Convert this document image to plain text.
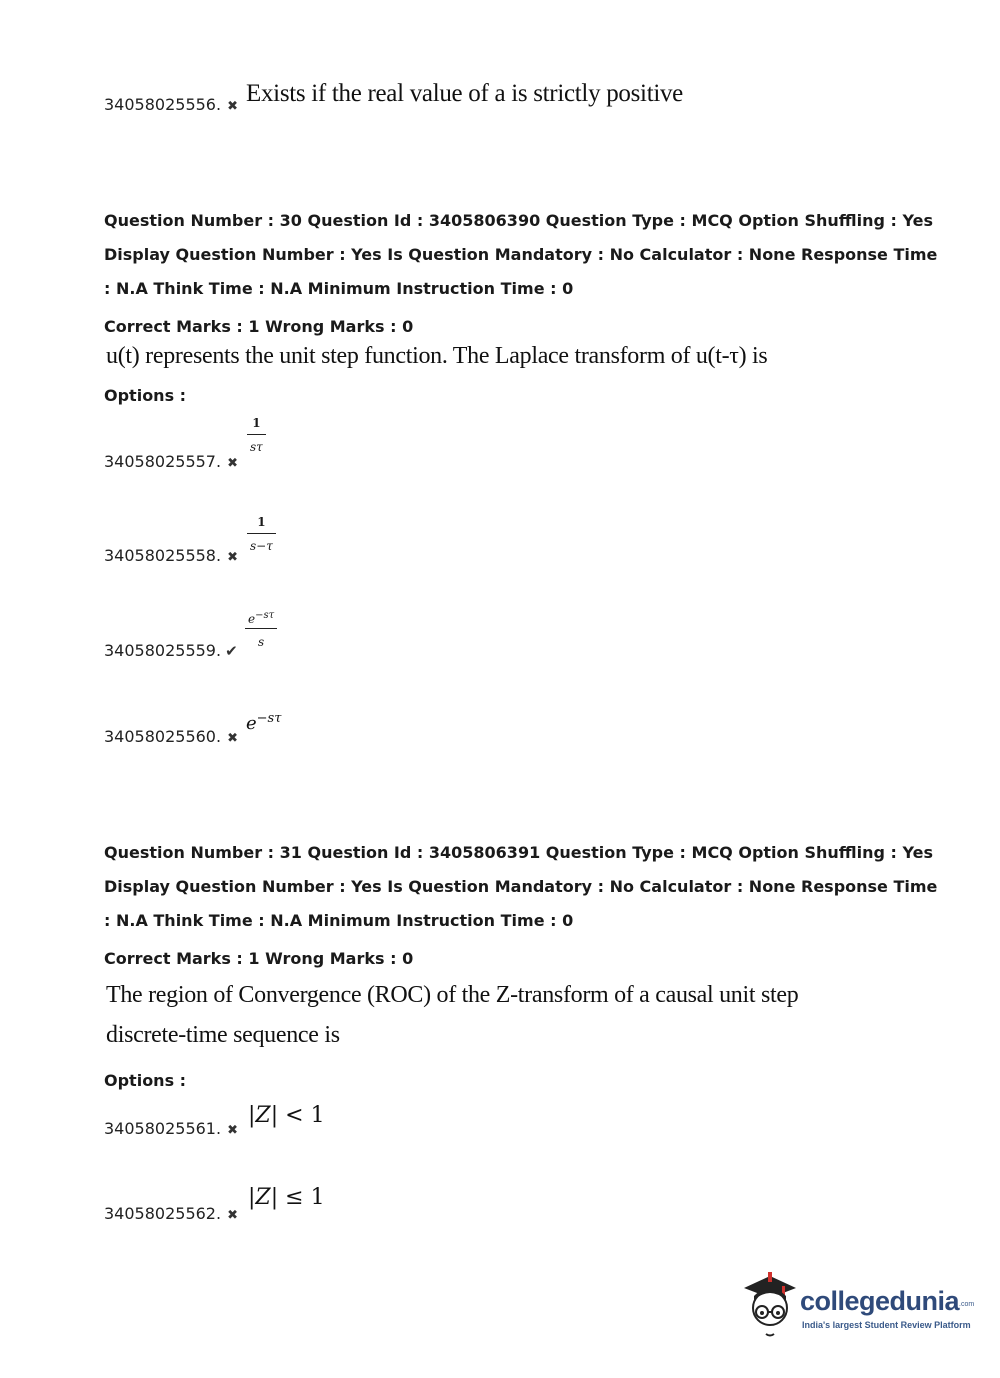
34058025556. ✖ Exists if the real value of a is strictly positive
Question Number : 30 Question Id : 3405806390 Question Type : MCQ Option Shuffling : Yes
Display Question Number : Yes Is Question Mandatory : No Calculator : None Response Time
: N.A Think Time : N.A Minimum Instruction Time : 0
Correct Marks : 1 Wrong Marks : 0
u(t) represents the unit step function. The Laplace transform of u(t-τ) is
Options :
34058025557. ✖
1
sτ
34058025558. ✖
1
s−τ
34058025559. ✔
$e^{-s\tau}$
s
34058025560. ✖
$e^{-s\tau}$
Question Number : 31 Question Id : 3405806391 Question Type : MCQ Option Shuffling : Yes
Display Question Number : Yes Is Question Mandatory : No Calculator : None Response Time
: N.A Think Time : N.A Minimum Instruction Time : 0
Correct Marks : 1 Wrong Marks : 0
The region of Convergence (ROC) of the Z-transform of a causal unit step
discrete-time sequence is
Options :
34058025561. ✖
|Z| < 1
34058025562. ✖
|Z| ≤ 1
collegedunia$^{.com}$
India's largest Student Review Platform
